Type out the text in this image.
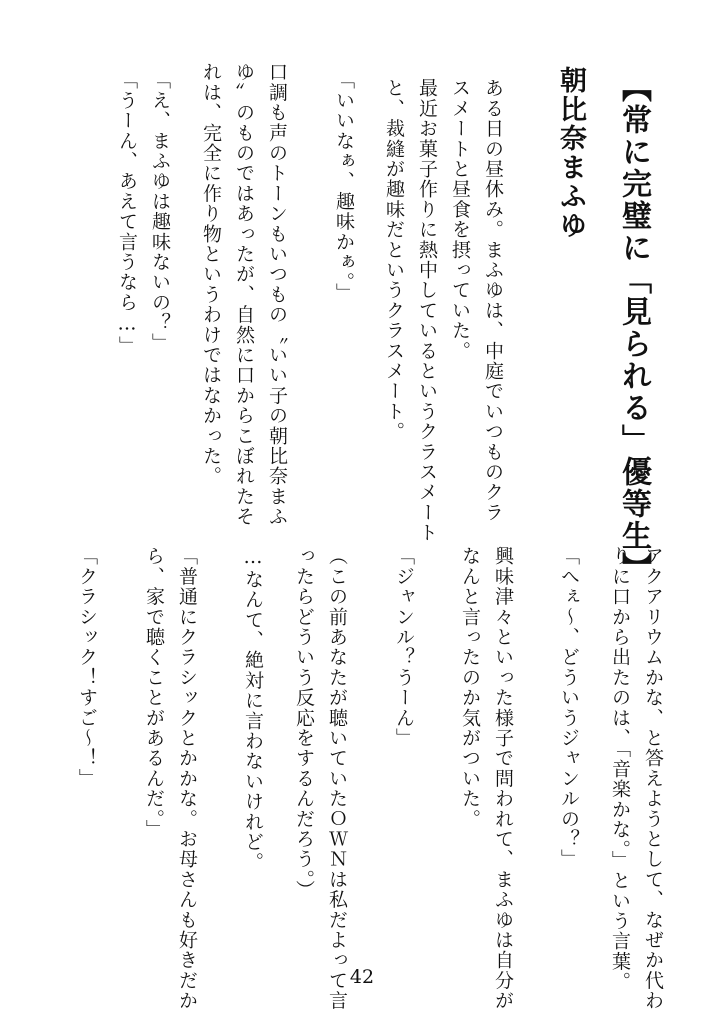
【常に完璧に「見られる」優等生】
朝比奈まふゆ
ある日の昼休み。まふゆは、中庭でいつものクラ
スメートと昼食を摂っていた。
最近お菓子作りに熱中しているというクラスメート
と、裁縫が趣味だというクラスメート。
「いいなぁ、趣味かぁ。」
口調も声のトーンもいつもの〝いい子の朝比奈まふ
ゆ〟のものではあったが、自然に口からこぼれたそ
れは、完全に作り物というわけではなかった。
「え、まふゆは趣味ないの？」
「うーん、あえて言うなら…」
アクアリウムかな、と答えようとして、なぜか代わ
りに口から出たのは、「音楽かな。」という言葉。
「へぇ～、どういうジャンルの？」
興味津々といった様子で問われて、まふゆは自分が
なんと言ったのか気がついた。
「ジャンル？うーん」
（この前あなたが聴いていたＯＷＮは私だよって言
ったらどういう反応をするんだろう。）
…なんて、絶対に言わないけれど。
「普通にクラシックとかかな。お母さんも好きだか
ら、家で聴くことがあるんだ。」
「クラシック！すご～！」
42
